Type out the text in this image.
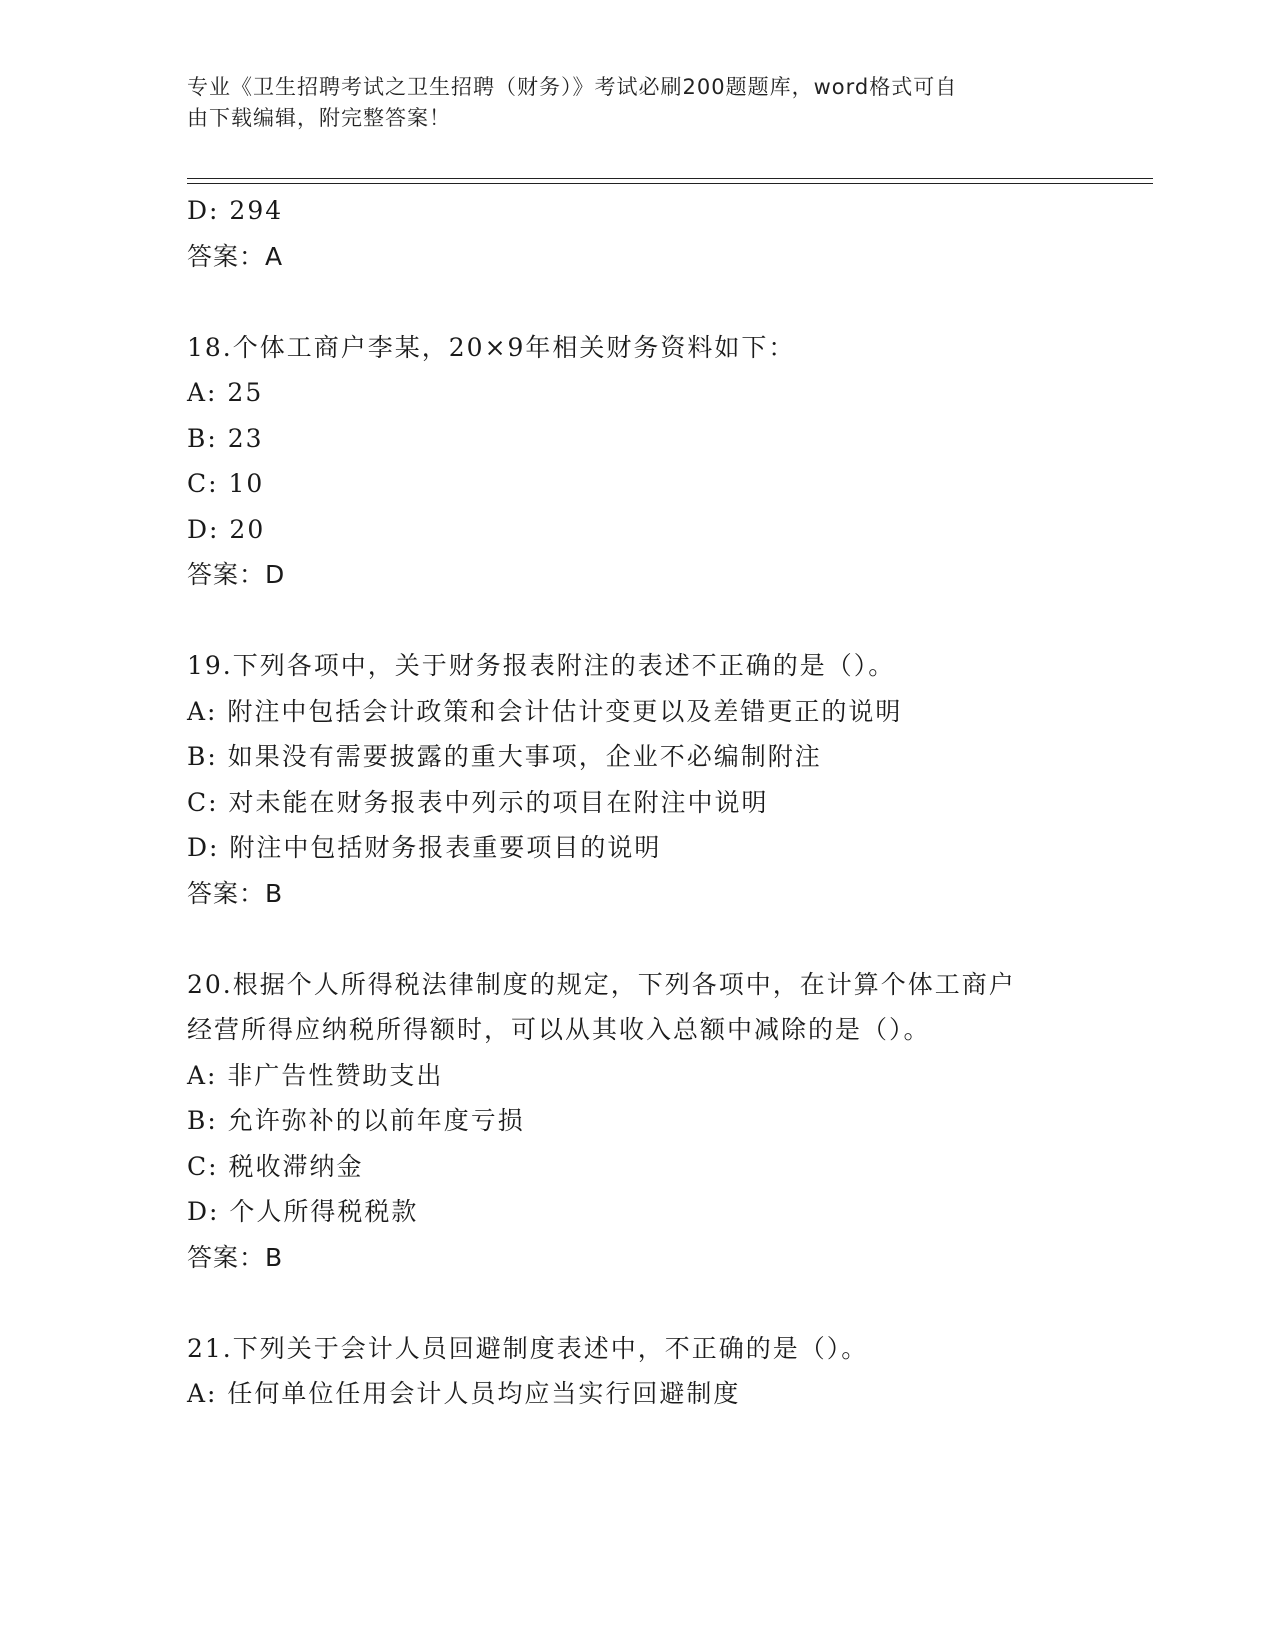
专业《卫生招聘考试之卫生招聘（财务）》考试必刷200题题库，word格式可自
由下载编辑，附完整答案！
D: 294
答案：A
18.个体工商户李某，20×9年相关财务资料如下：
A: 25
B: 23
C: 10
D: 20
答案：D
19.下列各项中，关于财务报表附注的表述不正确的是（）。
A: 附注中包括会计政策和会计估计变更以及差错更正的说明
B: 如果没有需要披露的重大事项，企业不必编制附注
C: 对未能在财务报表中列示的项目在附注中说明
D: 附注中包括财务报表重要项目的说明
答案：B
20.根据个人所得税法律制度的规定，下列各项中，在计算个体工商户
经营所得应纳税所得额时，可以从其收入总额中减除的是（）。
A: 非广告性赞助支出
B: 允许弥补的以前年度亏损
C: 税收滞纳金
D: 个人所得税税款
答案：B
21.下列关于会计人员回避制度表述中，不正确的是（）。
A: 任何单位任用会计人员均应当实行回避制度
